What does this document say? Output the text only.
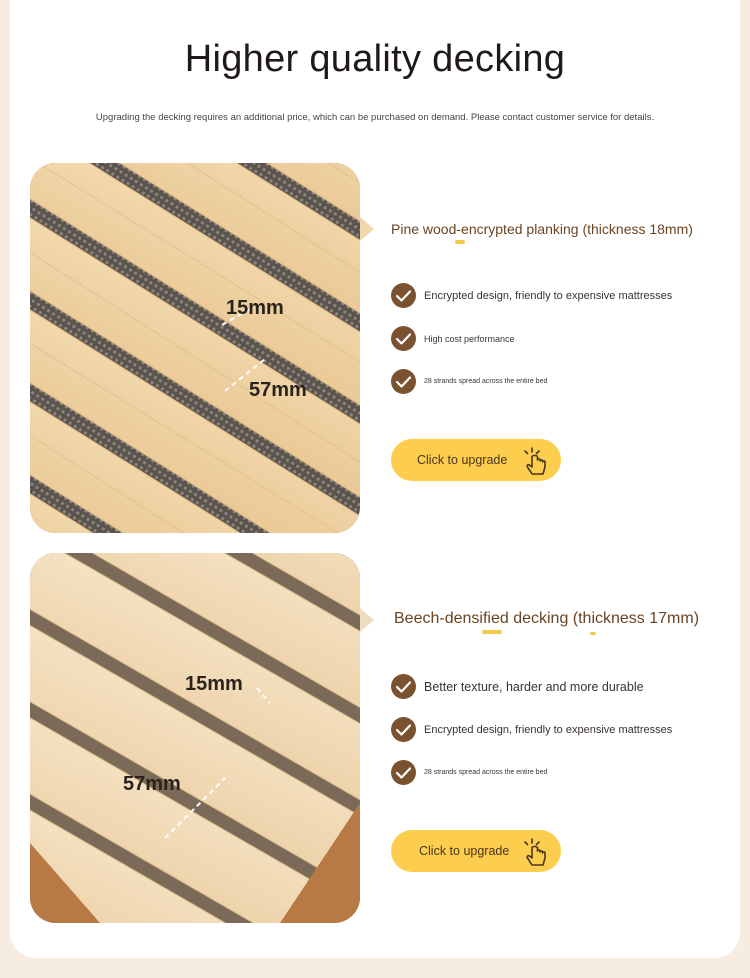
Higher quality decking
Upgrading the decking requires an additional price, which can be purchased on demand. Please contact customer service for details.
15mm
57mm
Pine wood-encrypted planking (thickness 18mm)
Encrypted design, friendly to expensive mattresses
High cost performance
28 strands spread across the entire bed
Click to upgrade
15mm
57mm
Beech-densified decking (thickness 17mm)
Better texture, harder and more durable
Encrypted design, friendly to expensive mattresses
28 strands spread across the entire bed
Click to upgrade
